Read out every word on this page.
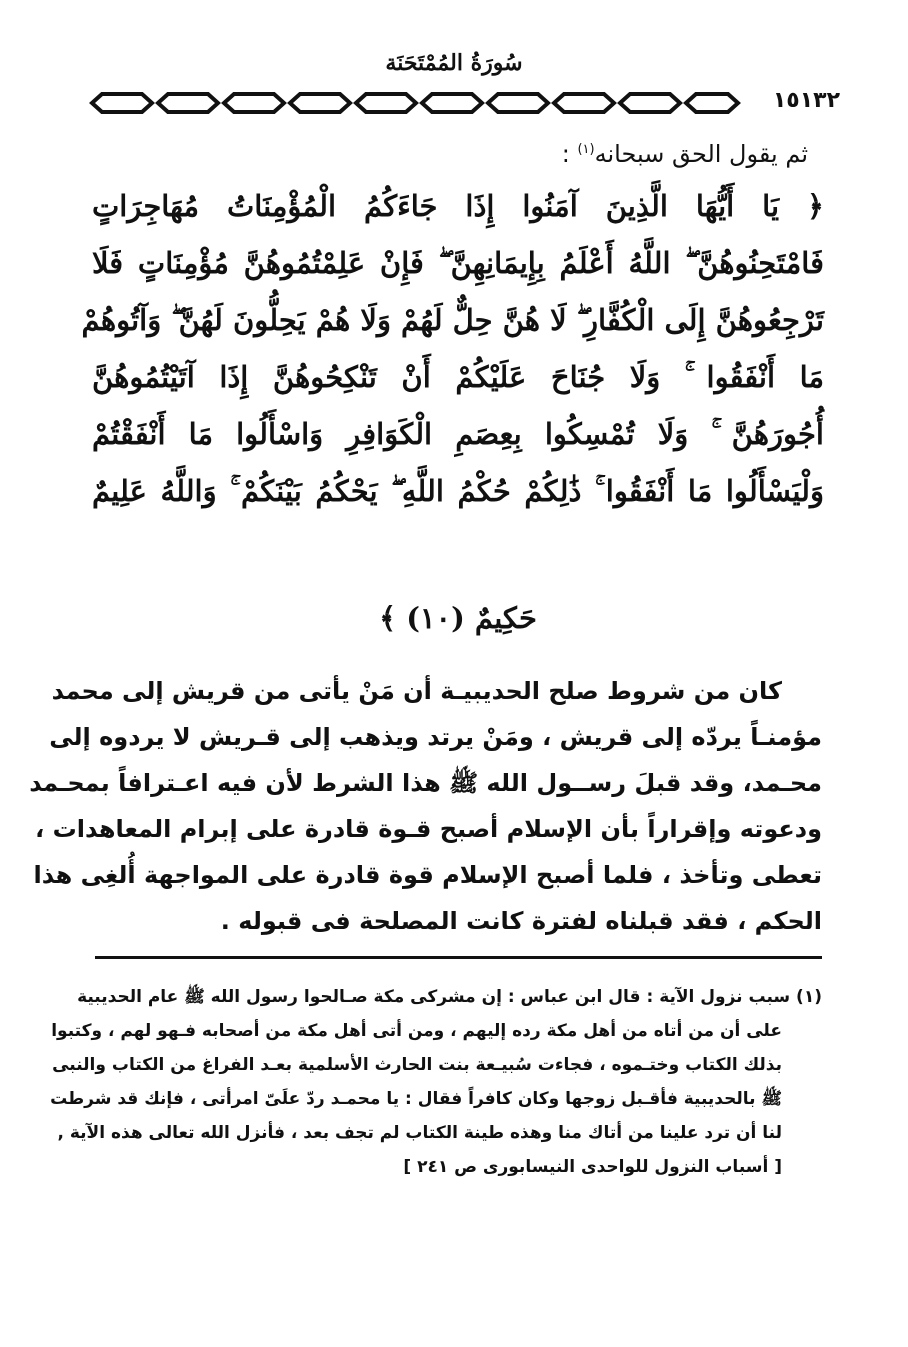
سُورَةُ المُمْتَحَنَة
١٥١٣٢
ثم يقول الحق سبحانه$^{(١)}$ :
﴿ يَا أَيُّهَا الَّذِينَ آمَنُوا إِذَا جَاءَكُمُ الْمُؤْمِنَاتُ مُهَاجِرَاتٍ
فَامْتَحِنُوهُنَّ ۖ اللَّهُ أَعْلَمُ بِإِيمَانِهِنَّ ۖ فَإِنْ عَلِمْتُمُوهُنَّ مُؤْمِنَاتٍ فَلَا
تَرْجِعُوهُنَّ إِلَى الْكُفَّارِ ۖ لَا هُنَّ حِلٌّ لَهُمْ وَلَا هُمْ يَحِلُّونَ لَهُنَّ ۖ وَآتُوهُمْ
مَا أَنْفَقُوا ۚ وَلَا جُنَاحَ عَلَيْكُمْ أَنْ تَنْكِحُوهُنَّ إِذَا آتَيْتُمُوهُنَّ
أُجُورَهُنَّ ۚ وَلَا تُمْسِكُوا بِعِصَمِ الْكَوَافِرِ وَاسْأَلُوا مَا أَنْفَقْتُمْ
وَلْيَسْأَلُوا مَا أَنْفَقُوا ۚ ذَٰلِكُمْ حُكْمُ اللَّهِ ۖ يَحْكُمُ بَيْنَكُمْ ۚ وَاللَّهُ عَلِيمٌ
حَكِيمٌ (١٠) ﴾
كان من شروط صلح الحديبيـة أن مَنْ يأتى من قريش إلى محمد
مؤمنـاً يردّه إلى قريش ، ومَنْ يرتد ويذهب إلى قـريش لا يردوه إلى
محـمد، وقد قبلَ رســول الله ﷺ هذا الشرط لأن فيه اعـترافاً بمحـمد
ودعوته وإقراراً بأن الإسلام أصبح قـوة قادرة على إبرام المعاهدات ،
تعطى وتأخذ ، فلما أصبح الإسلام قوة قادرة على المواجهة أُلغِى هذا
الحكم ، فقد قبلناه لفترة كانت المصلحة فى قبوله .
(١) سبب نزول الآية : قال ابن عباس : إن مشركى مكة صـالحوا رسول الله ﷺ عام الحديبية
على أن من أتاه من أهل مكة رده إليهم ، ومن أتى أهل مكة من أصحابه فـهو لهم ، وكتبوا
بذلك الكتاب وختـموه ، فجاءت سُبيـعة بنت الحارث الأسلمية بعـد الفراغ من الكتاب والنبى
ﷺ بالحديبية فأقـبل زوجها وكان كافراً فقال : يا محمـد ردّ علَىّ امرأتى ، فإنك قد شرطت
لنا أن ترد علينا من أتاك منا وهذه طينة الكتاب لم تجف بعد ، فأنزل الله تعالى هذه الآية ,
[ أسباب النزول للواحدى النيسابورى ص ٢٤١ ]
